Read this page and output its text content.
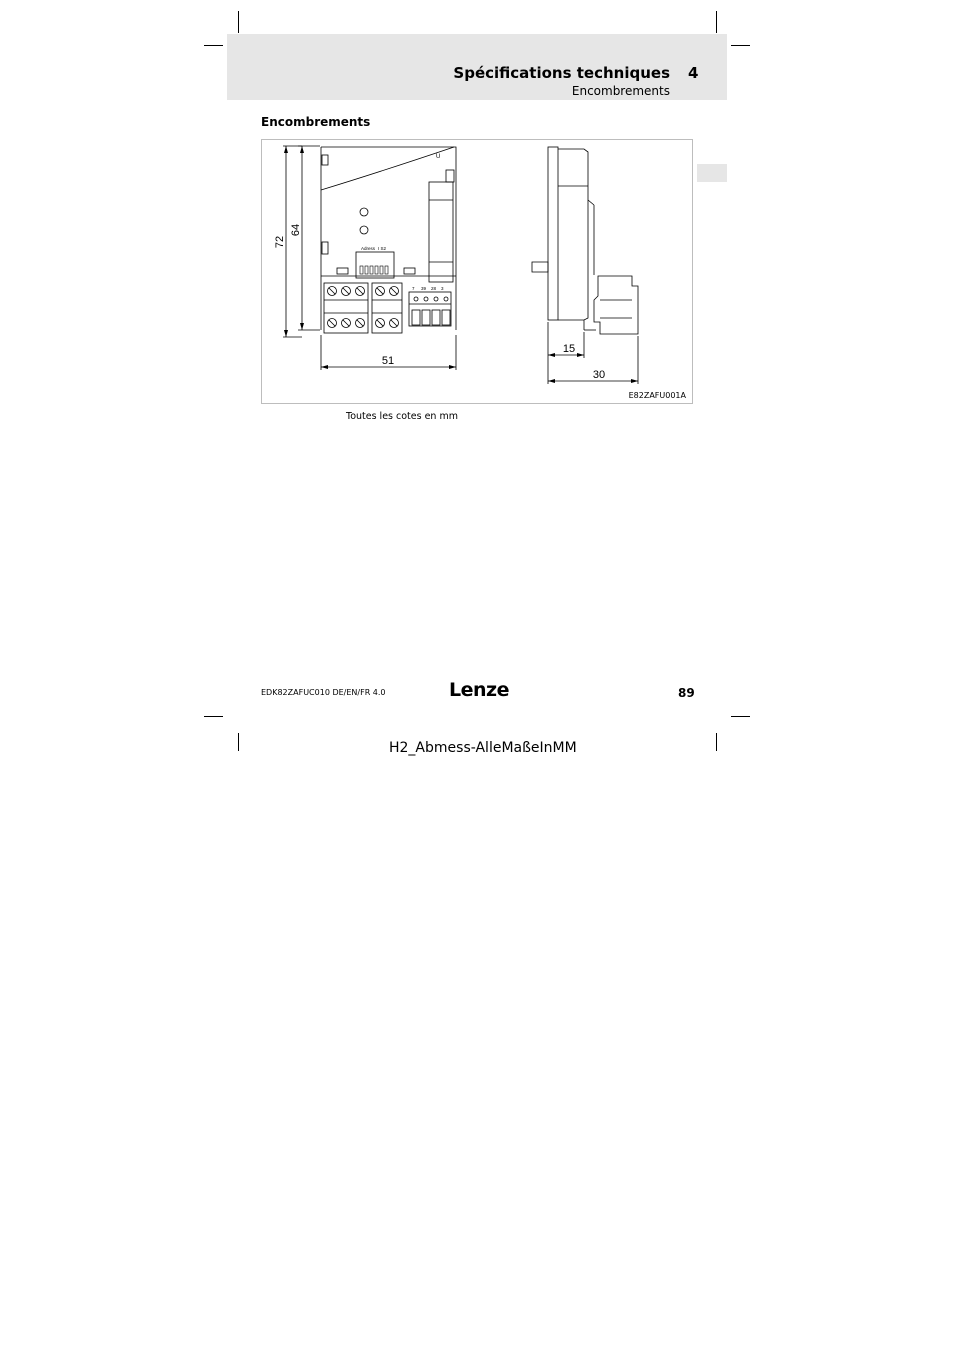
Spécifications techniques 4
Encombrements
Encombrements
72
64
51
15
30
U
Adress I S2
7 39 28 3
E82ZAFU001A
Toutes les cotes en mm
EDK82ZAFUC010 DE/EN/FR 4.0	Lenze	89
H2_Abmess-AlleMaßeInMM
